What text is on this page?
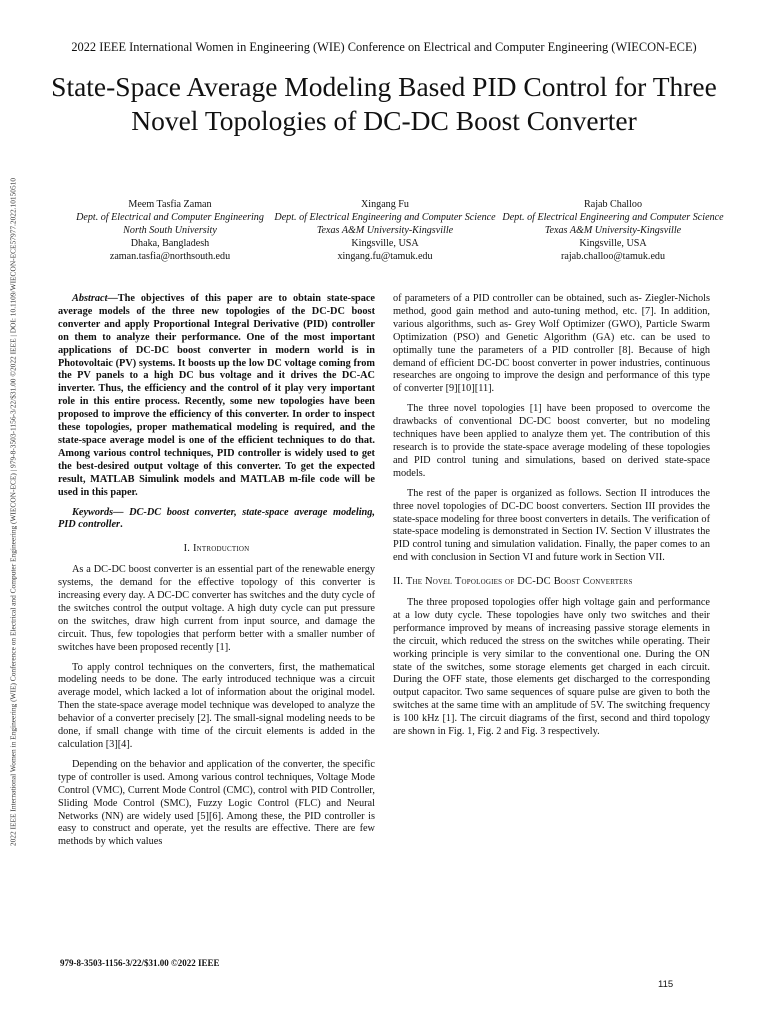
2022 IEEE International Women in Engineering (WIE) Conference on Electrical and Computer Engineering (WIECON-ECE) | 979-8-3503-1156-3/22/$31.00 ©2022 IEEE | DOI: 10.1109/WIECON-ECE57977.2022.10150510
2022 IEEE International Women in Engineering (WIE) Conference on Electrical and Computer Engineering (WIECON-ECE)
State-Space Average Modeling Based PID Control for Three Novel Topologies of DC-DC Boost Converter
Meem Tasfia Zaman
Dept. of Electrical and Computer Engineering
North South University
Dhaka, Bangladesh
zaman.tasfia@northsouth.edu
Xingang Fu
Dept. of Electrical Engineering and Computer Science
Texas A&M University-Kingsville
Kingsville, USA
xingang.fu@tamuk.edu
Rajab Challoo
Dept. of Electrical Engineering and Computer Science
Texas A&M University-Kingsville
Kingsville, USA
rajab.challoo@tamuk.edu

Abstract—The objectives of this paper are to obtain state-space average models of the three new topologies of the DC-DC boost converter and apply Proportional Integral Derivative (PID) controller on them to analyze their performance. One of the most important applications of DC-DC boost converter in modern world is in Photovoltaic (PV) systems. It boosts up the low DC voltage coming from the PV panels to a high DC bus voltage and it drives the DC-AC inverter. Thus, the efficiency and the control of it play very important role in this entire process. Recently, some new topologies have been proposed to improve the efficiency of this converter. In order to inspect these topologies, proper mathematical modeling is required, and the state-space average model is one of the efficient techniques to do that. Among various control techniques, PID controller is widely used to get the best-desired output voltage of this converter. To get the expected result, MATLAB Simulink models and MATLAB m-file code will be used in this paper.

Keywords— DC-DC boost converter, state-space average modeling, PID controller.

I. Introduction

As a DC-DC boost converter is an essential part of the renewable energy systems, the demand for the effective topology of this converter is increasing every day. A DC-DC converter has switches and the duty cycle of the switches control the output voltage. A high duty cycle can put pressure on the switches, draw high current from input source, and damage the circuit. Thus, few topologies that perform better with a smaller number of switches have been proposed recently [1].

To apply control techniques on the converters, first, the mathematical modeling needs to be done. The early introduced technique was a circuit average model, which lacked a lot of information about the original model. Then the state-space average model technique was developed to analyze the behavior of a converter precisely [2]. The small-signal modeling needs to be done, if small change with time of the circuit elements is added in the calculation [3][4].

Depending on the behavior and application of the converter, the specific type of controller is used. Among various control techniques, Voltage Mode Control (VMC), Current Mode Control (CMC), control with PID Controller, Sliding Mode Control (SMC), Fuzzy Logic Control (FLC) and Neural Networks (NN) are widely used [5][6]. Among these, the PID controller is easy to construct and operate, yet the results are effective. There are few methods by which values

of parameters of a PID controller can be obtained, such as- Ziegler-Nichols method, good gain method and auto-tuning method, etc. [7]. In addition, various algorithms, such as- Grey Wolf Optimizer (GWO), Particle Swarm Optimization (PSO) and Genetic Algorithm (GA) etc. can be used to optimally tune the parameters of a PID controller [8]. Because of high demand of efficient DC-DC boost converter in power industries, continuous researches are ongoing to improve the design and performance of this type of converter [9][10][11].

The three novel topologies [1] have been proposed to overcome the drawbacks of conventional DC-DC boost converter, but no modeling techniques have been applied to analyze them yet. The contribution of this research is to provide the state-space average modeling of these topologies and PID control tuning and simulations, based on derived state-space models.

The rest of the paper is organized as follows. Section II introduces the three novel topologies of DC-DC boost converters. Section III provides the state-space modeling for three boost converters in details. The verification of state-space modeling is demonstrated in Section IV. Section V illustrates the PID control tuning and simulation validation. Finally, the paper comes to an end with conclusion in Section VI and future work in Section VII.

II. The Novel Topologies of DC-DC Boost Converters

The three proposed topologies offer high voltage gain and performance at a low duty cycle. These topologies have only two switches and their performance improved by means of increasing passive storage elements in the circuit, which reduced the stress on the switches while operating. Their working principle is very similar to the conventional one. During the ON state of the switches, some storage elements get charged in each circuit. During the OFF state, those elements get discharged to the corresponding output capacitor. Two same sequences of square pulse are given to both the switches at the same time with an amplitude of 5V. The switching frequency is 100 kHz [1]. The circuit diagrams of the first, second and third topology are shown in Fig. 1, Fig. 2 and Fig. 3 respectively.

979-8-3503-1156-3/22/$31.00 ©2022 IEEE
115
